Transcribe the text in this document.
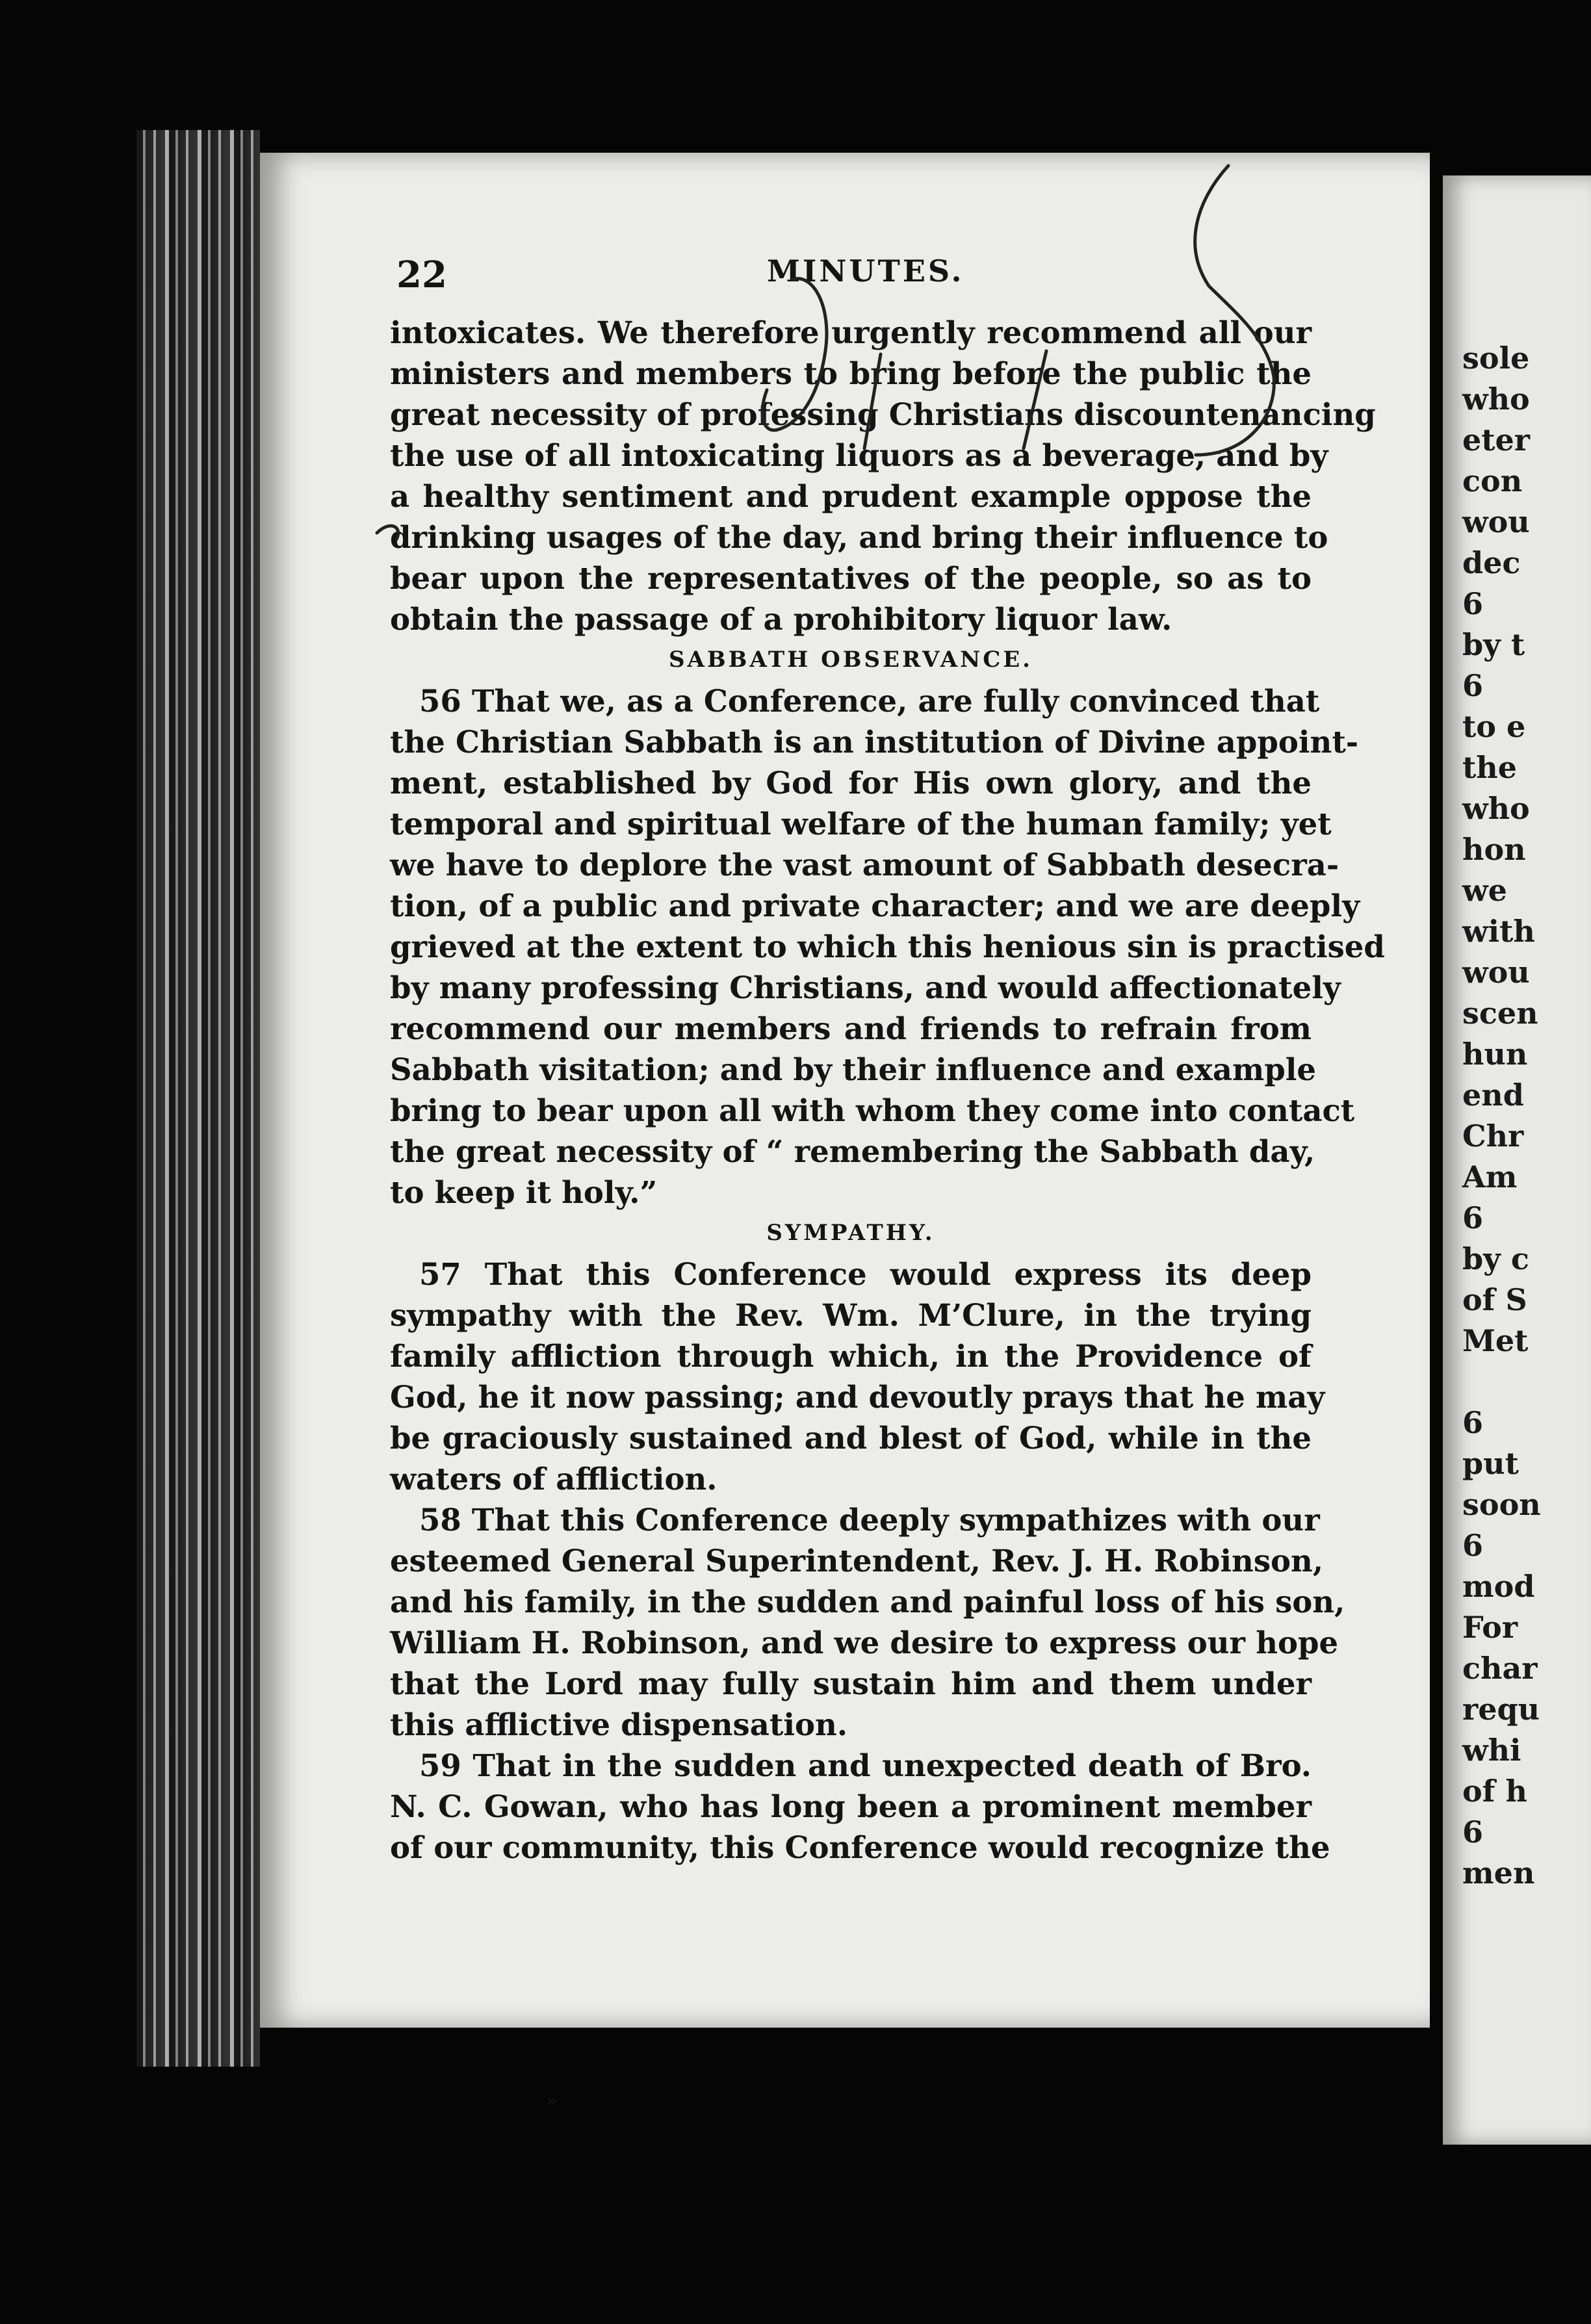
22	MINUTES.
intoxicates. We therefore urgently recommend all our
ministers and members to bring before the public the
great necessity of professing Christians discountenancing
the use of all intoxicating liquors as a beverage, and by
a healthy sentiment and prudent example oppose the
drinking usages of the day, and bring their influence to
bear upon the representatives of the people, so as to
obtain the passage of a prohibitory liquor law.
SABBATH OBSERVANCE.
56 That we, as a Conference, are fully convinced that
the Christian Sabbath is an institution of Divine appoint-
ment, established by God for His own glory, and the
temporal and spiritual welfare of the human family; yet
we have to deplore the vast amount of Sabbath desecra-
tion, of a public and private character; and we are deeply
grieved at the extent to which this henious sin is practised
by many professing Christians, and would affectionately
recommend our members and friends to refrain from
Sabbath visitation; and by their influence and example
bring to bear upon all with whom they come into contact
the great necessity of “ remembering the Sabbath day,
to keep it holy.”
SYMPATHY.
57 That this Conference would express its deep
sympathy with the Rev. Wm. M’Clure, in the trying
family affliction through which, in the Providence of
God, he it now passing; and devoutly prays that he may
be graciously sustained and blest of God, while in the
waters of affliction.
58 That this Conference deeply sympathizes with our
esteemed General Superintendent, Rev. J. H. Robinson,
and his family, in the sudden and painful loss of his son,
William H. Robinson, and we desire to express our hope
that the Lord may fully sustain him and them under
this afflictive dispensation.
59 That in the sudden and unexpected death of Bro.
N. C. Gowan, who has long been a prominent member
of our community, this Conference would recognize the
sole
who
eter
con
wou
dec
6
by t
6
to e
the
who
hon
we
with
wou
scen
hun
end
Chr
Am
6
by c
of S
Met
6
put
soon
6
mod
For
char
requ
whi
of h
6
men
»
